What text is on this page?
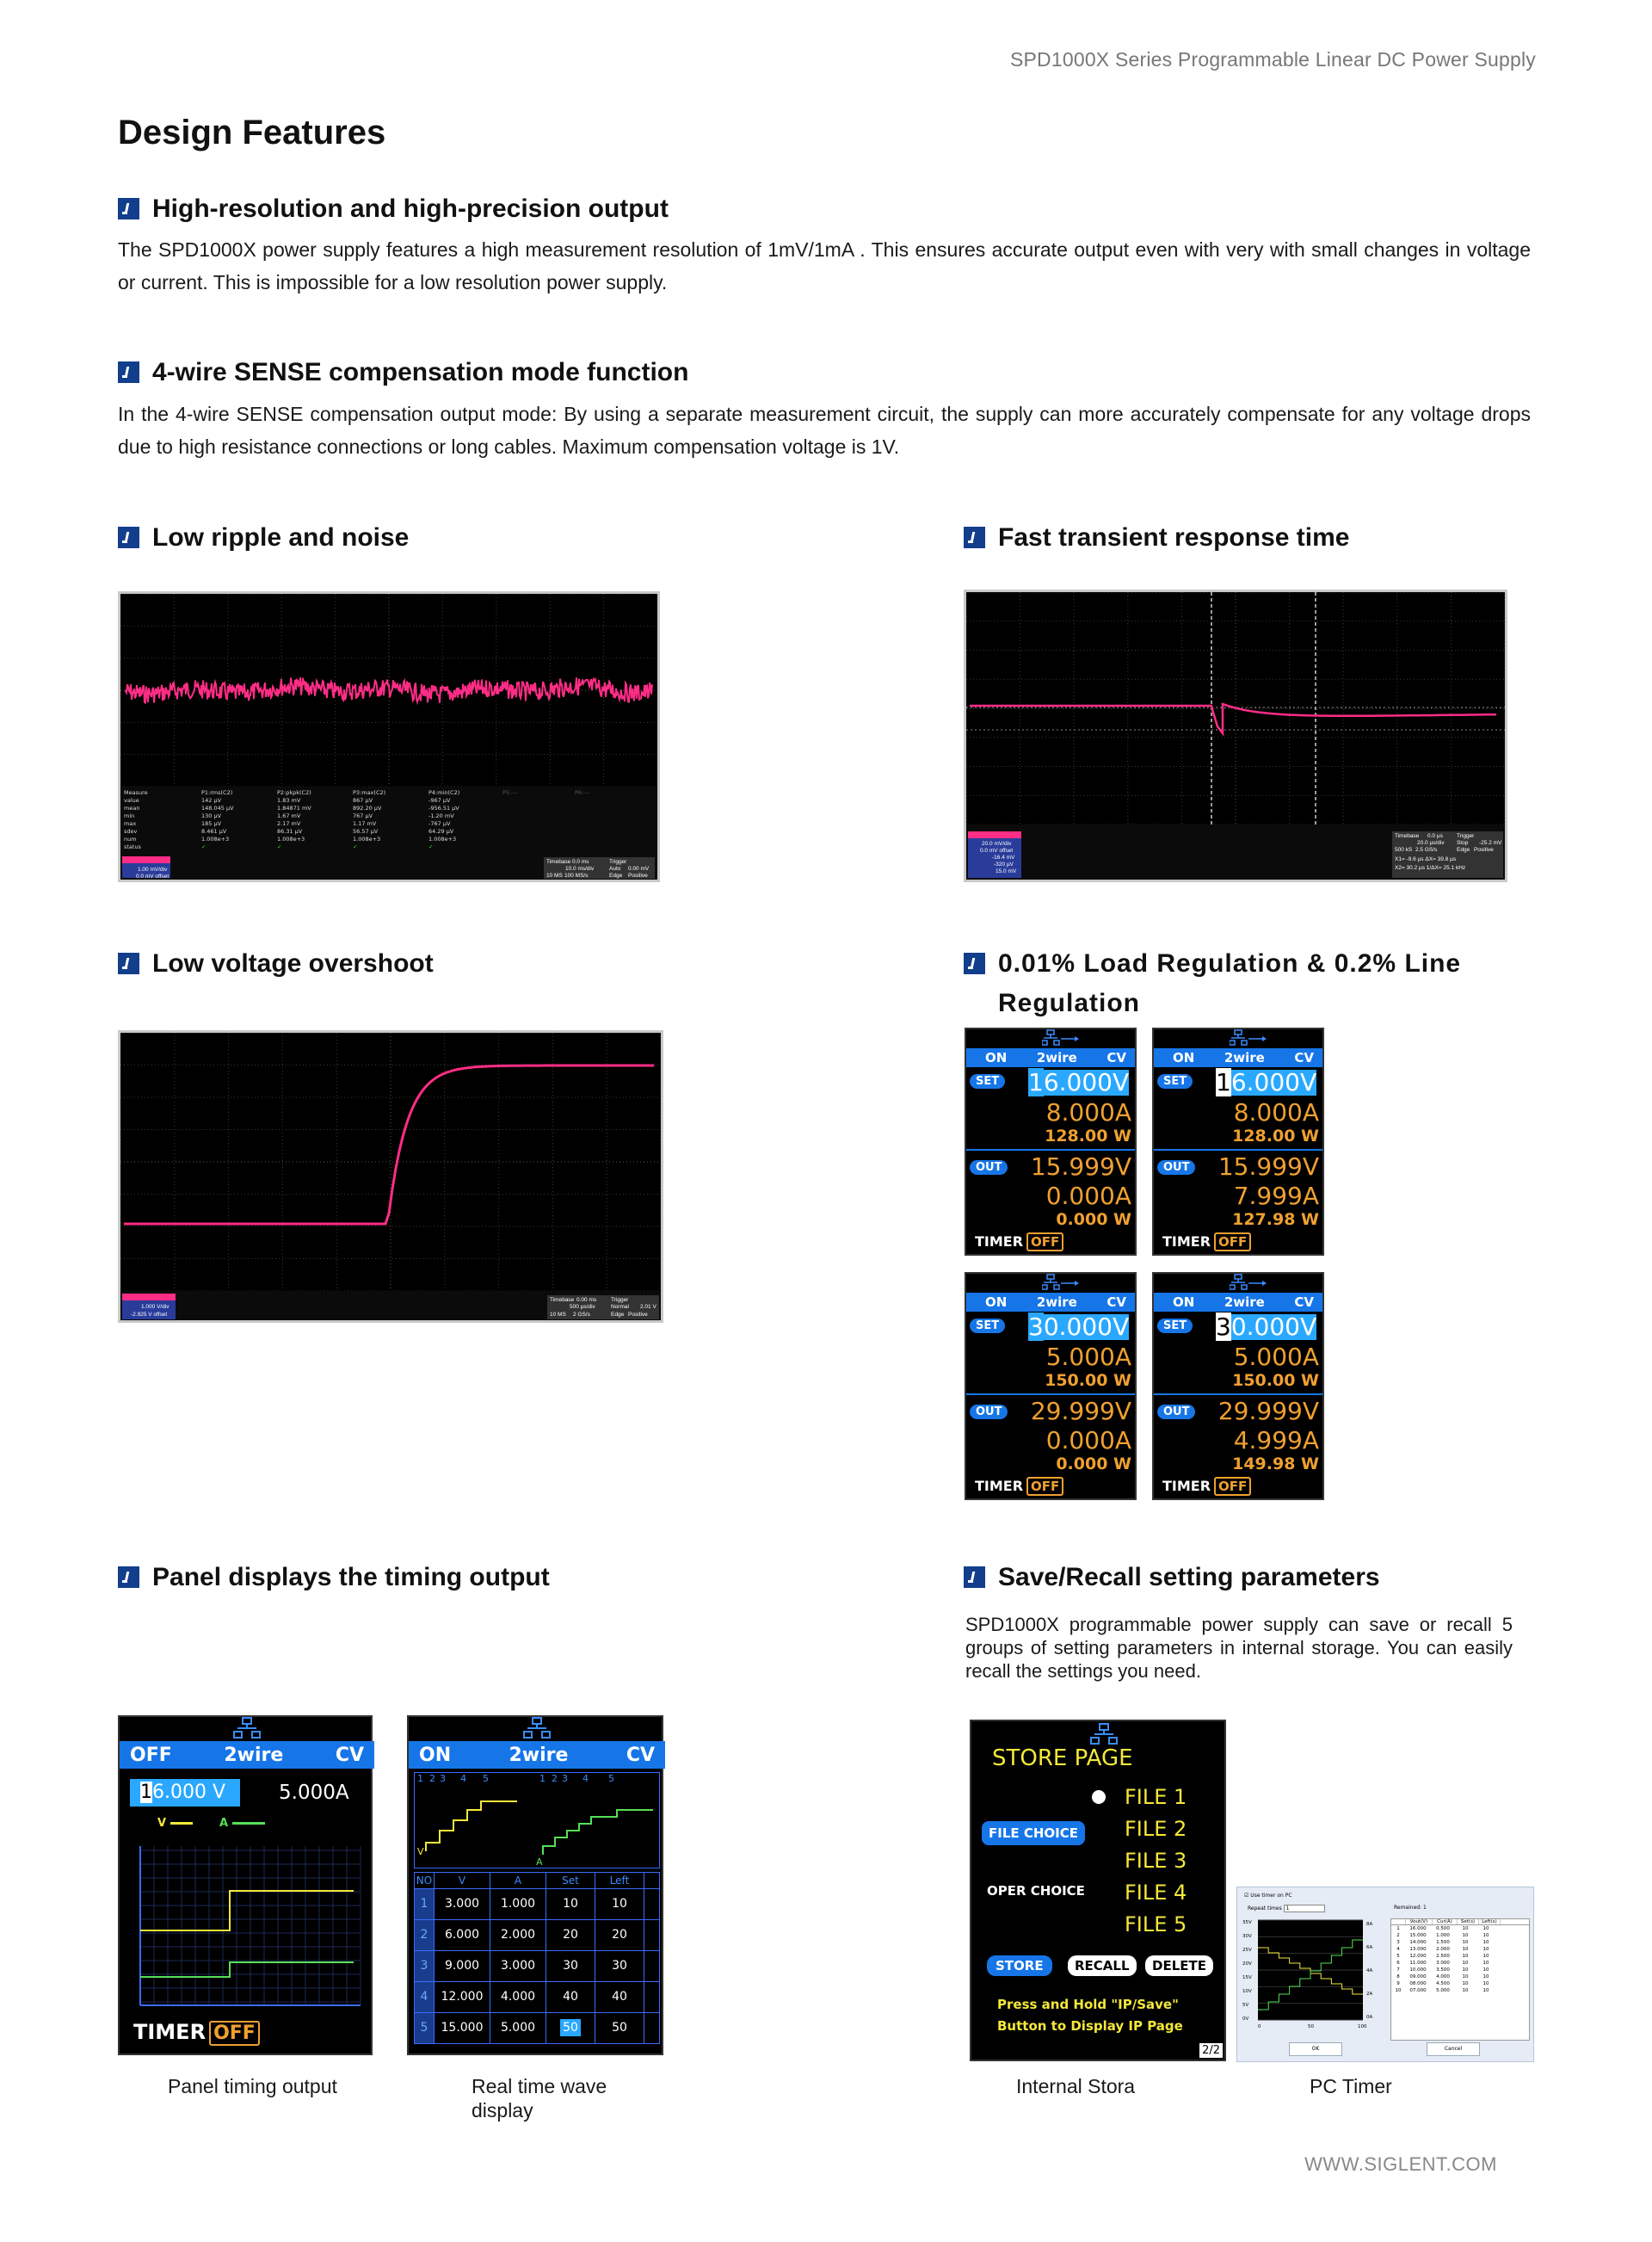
SPD1000X Series Programmable Linear DC Power Supply
Design Features
High-resolution and high-precision output
The SPD1000X power supply features a high measurement resolution of 1mV/1mA . This ensures accurate output even with very with small changes in voltage or current. This is impossible for a low resolution power supply.
4-wire SENSE compensation mode function
In the 4-wire SENSE compensation output mode: By using a separate measurement circuit, the supply can more accurately compensate for any voltage drops due to high resistance connections or long cables. Maximum compensation voltage is 1V.
Low ripple and noise
Measure	P1:rms(C2)	P2:pkpk(C2)	P3:max(C2)	P4:min(C2)	P5:---	P6:---
value	142 µV	1.83 mV	867 µV	-967 µV
mean	148.045 µV	1.84871 mV	892.20 µV	-956.51 µV
min	130 µV	1.67 mV	767 µV	-1.20 mV
max	185 µV	2.17 mV	1.17 mV	-767 µV
sdev	8.461 µV	86.31 µV	56.57 µV	64.29 µV
num	1.008e+3	1.008e+3	1.008e+3	1.008e+3
status	✓	✓	✓	✓
1.00 mV/div
0.0 mV offset
Timebase 0.0 ms
10.0 ms/div
10 MS 100 MS/s
Trigger
Auto 0.00 mV
Edge Positive
Fast transient response time
20.0 mV/div
0.0 mV offset
-16.4 mV
-320 µV
15.0 mV
Timebase 0.0 µs
20.0 µs/div
500 kS 2.5 GS/s
Trigger
-25.2 mV
Stop
Edge Positive
X1= -9.6 µs ΔX= 39.8 µs
X2= 30.2 µs 1/ΔX= 25.1 kHz
Low voltage overshoot
1.000 V/div
-2.925 V offset
Timebase 0.00 ms
500 µs/div
10 MS 2 GS/s
Trigger
Normal 2.01 V
Edge Positive
0.01% Load Regulation & 0.2% Line
Regulation
ON 2wire CV
SET 16.000V
8.000A
128.00 W
OUT 15.999V
0.000A
0.000 W
TIMER OFF
ON 2wire CV
SET 16.000V
8.000A
128.00 W
OUT 15.999V
7.999A
127.98 W
TIMER OFF
ON 2wire CV
SET 30.000V
5.000A
150.00 W
OUT 29.999V
0.000A
0.000 W
TIMER OFF
ON 2wire CV
SET 30.000V
5.000A
150.00 W
OUT 29.999V
4.999A
149.98 W
TIMER OFF
Panel displays the timing output
OFF	2wire	CV
16.000 V	5.000A
V	A
TIMER OFF
Panel timing output
ON	2wire	CV
1 2 3 4 5	1 2 3 4 5
V
A
NO	V	A	Set	Left
1	3.000	1.000	10	10
2	6.000	2.000	20	20
3	9.000	3.000	30	30
4	12.000	4.000	40	40
5	15.000	5.000	50	50
Real time wave
display
Save/Recall setting parameters
SPD1000X programmable power supply can save or recall 5 groups of setting parameters in internal storage. You can easily recall the settings you need.
STORE PAGE
FILE 1
FILE 2
FILE 3
FILE 4
FILE 5
FILE CHOICE
OPER CHOICE
STORE	RECALL	DELETE
Press and Hold "IP/Save"
Button to Display IP Page
2/2
Internal Stora
☑ Use timer on PC
Repeat times 1	Remained: 1
35V
30V
25V
20V
15V
10V
5V
0V
8A
6A
4A
2A
0A
0	50	100
Vout(V)	Cur(A)	Set(s)	Left(s)
1	16.000	0.500	10	10
2	15.000	1.000	10	10
3	14.000	1.500	10	10
4	13.000	2.000	10	10
5	12.000	2.500	10	10
6	11.000	3.000	10	10
7	10.000	3.500	10	10
8	09.000	4.000	10	10
9	08.000	4.500	10	10
10	07.000	5.000	10	10
OK	Cancel
PC Timer
WWW.SIGLENT.COM
